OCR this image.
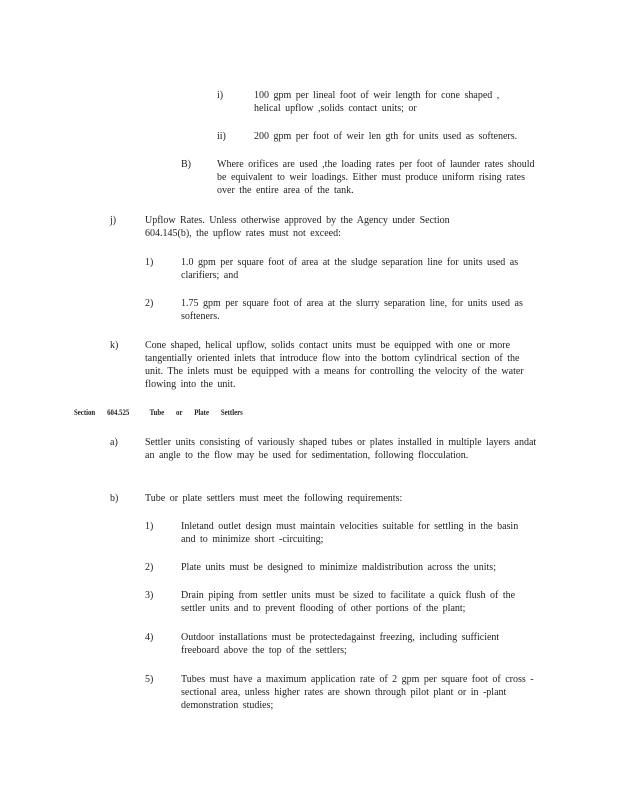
i)	100 gpm per lineal foot of weir length for cone shaped , helical upflow ,solids contact units; or
ii)	200 gpm per foot of weir len gth for units used as softeners.
B)	Where orifices are used ,the loading rates per foot of launder rates should be equivalent to weir loadings. Either must produce uniform rising rates over the entire area of the tank.
j)	Upflow Rates. Unless otherwise approved by the Agency under Section 604.145(b), the upflow rates must not exceed:
1)	1.0 gpm per square foot of area at the sludge separation line for units used as clarifiers; and
2)	1.75 gpm per square foot of area at the slurry separation line, for units used as softeners.
k)	Cone shaped, helical upflow, solids contact units must be equipped with one or more tangentially oriented inlets that introduce flow into the bottom cylindrical section of the unit. The inlets must be equipped with a means for controlling the velocity of the water flowing into the unit.
Section 604.525	Tube or Plate Settlers
a)	Settler units consisting of variously shaped tubes or plates installed in multiple layers andat an angle to the flow may be used for sedimentation, following flocculation.
b)	Tube or plate settlers must meet the following requirements:
1)	Inletand outlet design must maintain velocities suitable for settling in the basin and to minimize short -circuiting;
2)	Plate units must be designed to minimize maldistribution across the units;
3)	Drain piping from settler units must be sized to facilitate a quick flush of the settler units and to prevent flooding of other portions of the plant;
4)	Outdoor installations must be protectedagainst freezing, including sufficient freeboard above the top of the settlers;
5)	Tubes must have a maximum application rate of 2 gpm per square foot of cross -sectional area, unless higher rates are shown through pilot plant or in -plant demonstration studies;
